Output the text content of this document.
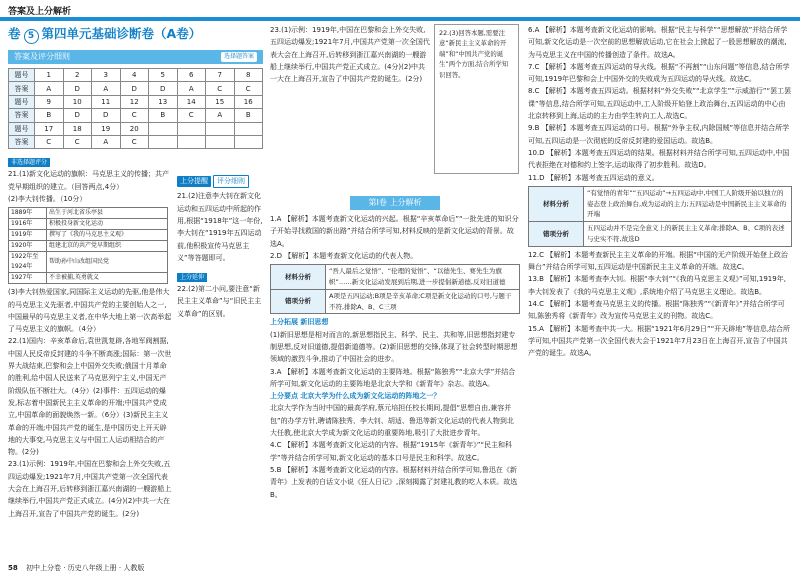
答案及上分解析
卷 5 第四单元基础诊断卷（A卷）
答案及评分细则	选择题答案
题号	1	2	3	4	5	6	7	8
答案	A	D	A	D	D	A	C	C
题号	9	10	11	12	13	14	15	16
答案	B	D	D	C	B	C	A	B
题号	17	18	19	20				
答案	C	C	A	C				
非选择题评分
21.(1)新文化运动的旗帜：马克思主义的传播；共产党早期组织的建立。（回答两点,4分）
(2)李大钊传播。（10分）
1889年	出生于河北省乐亭县
1916年	积极投身新文化运动
1919年	撰写了《我的马克思主义观》
1920年	组建北京的共产党早期组织
1922年至1924年	帮助孙中山改组国民党
1927年	不幸被捕,英勇就义
(3)李大钊热爱国家,同国际主义运动的先驱,他是伟大的马克思主义先驱者,中国共产党的主要创始人之一,中国最早的马克思主义者,在中华大地上第一次高举起了马克思主义的旗帜。（4分）
22.(1)国内：辛亥革命后,袁世凯复辟,各地军阀割据,中国人民反帝反封建的斗争不断高涨;国际：第一次世界大战结束,巴黎和会上中国外交失败;俄国十月革命的胜利,给中国人民送来了马克思列宁主义,中国无产阶级队伍不断壮大。（4分）(2)事件：五四运动的爆发,标志着中国新民主主义革命的开端;中国共产党成立,中国革命的面貌焕然一新。（6分）(3)新民主主义革命的开端;中国共产党的诞生,是中国历史上开天辟地的大事变,马克思主义与中国工人运动相结合的产物。(2分)
23.(1)示例：1919年,中国在巴黎和会上外交失败,五四运动爆发;1921年7月,中国共产党第一次全国代表大会在上海召开,后转移到浙江嘉兴南湖的一艘游船上继续举行,中国共产党正式成立。(4分)(2)中共一大在上海召开,宣告了中国共产党的诞生。(2分)
上分提醒 评分细则
21.(2)注意李大钊在新文化运动和五四运动中所起的作用,根据“1918年”这一年份,李大钊在“1919年五四运动前,他积极宣传马克思主义”等答题即可。
上分延伸
22.(2)第二小问,要注意“新民主主义革命”与“旧民主主义革命”的区别。
23.(1)示例：1919年,中国在巴黎和会上外交失败,五四运动爆发;1921年7月,中国共产党第一次全国代表大会在上海召开,后转移到浙江嘉兴南湖的一艘游船上继续举行,中国共产党正式成立。(4分)(2)中共一大在上海召开,宣告了中国共产党的诞生。(2分)
22.(3)回答本题,需要注意“新民主主义革命的开端”和“中国共产党的诞生”两个方面,结合所学知识回答。
第Ⅰ卷 上分解析
1.A 【解析】本题考查新文化运动的兴起。根据“辛亥革命后”“一批先进的知识分子开始寻找救国的新出路”并结合所学可知,材料反映的是新文化运动的背景。故选A。
2.D 【解析】本题考查新文化运动的代表人物。
材料分析	“吾人最后之觉悟”、“伦理的觉悟”、“以德先生、赛先生为旗帜”……新文化运动发展到后期,进一步提倡新道德,反对旧道德
错项分析	A项是五四运动;B项是辛亥革命;C项是新文化运动的口号,与题干不符,排除A、B、C三项
上分拓展 新旧思想
(1)新旧思想是相对而言的,新思想指民主、科学、民主、共和等,旧思想指封建专制思想,反对旧道德,提倡新道德等。(2)新旧思想的交锋,体现了社会转型时期思想领域的激烈斗争,推动了中国社会的进步。
3.A 【解析】本题考查新文化运动的主要阵地。根据“陈独秀”“北京大学”并结合所学可知,新文化运动的主要阵地是北京大学和《新青年》杂志。故选A。
上分要点 北京大学为什么成为新文化运动的阵地之一？
北京大学作为当时中国的最高学府,蔡元培担任校长期间,提倡“思想自由,兼容并包”的办学方针,聘请陈独秀、李大钊、胡适、鲁迅等新文化运动的代表人物到北大任教,使北京大学成为新文化运动的重要阵地,吸引了大批进步青年。
4.C 【解析】本题考查新文化运动的内容。根据“1915年《新青年》”“民主和科学”等并结合所学可知,新文化运动的基本口号是民主和科学。故选C。
5.B 【解析】本题考查新文化运动的内容。根据材料并结合所学可知,鲁迅在《新青年》上发表的白话文小说《狂人日记》,深刻揭露了封建礼教的吃人本质。故选B。
6.A 【解析】本题考查新文化运动的影响。根据“民主与科学”“思想解放”并结合所学可知,新文化运动是一次空前的思想解放运动,它在社会上掀起了一股思想解放的潮流,为马克思主义在中国的传播创造了条件。故选A。
7.C 【解析】本题考查五四运动的导火线。根据“不再割”“山东问题”等信息,结合所学可知,1919年巴黎和会上中国外交的失败成为五四运动的导火线。故选C。
8.C 【解析】本题考查五四运动。根据材料“外交失败”“北京学生”“示威游行”“罢工罢课”等信息,结合所学可知,五四运动中,工人阶级开始登上政治舞台,五四运动的中心由北京转移到上海,运动的主力由学生转向工人,故选C。
9.B 【解析】本题考查五四运动的口号。根据“外争主权,内除国贼”等信息并结合所学可知,五四运动是一次彻底的反帝反封建的爱国运动。故选B。
10.D 【解析】本题考查五四运动的结果。根据材料并结合所学可知,五四运动中,中国代表拒绝在对德和约上签字,运动取得了初步胜利。故选D。
11.D 【解析】本题考查五四运动的意义。
材料分析	“有觉悟的青年”“五四运动”→五四运动中,中国工人阶级开始以独立的姿态登上政治舞台,成为运动的主力;五四运动是中国新民主主义革命的开端
错项分析	五四运动并不是完全意义上的新民主主义革命;排除A、B、C项的表述与史实不符,故选D
12.C 【解析】本题考查新民主主义革命的开端。根据“中国的无产阶级开始登上政治舞台”并结合所学可知,五四运动是中国新民主主义革命的开端。故选C。
13.B 【解析】本题考查李大钊。根据“李大钊”“《我的马克思主义观》”可知,1919年,李大钊发表了《我的马克思主义观》,系统地介绍了马克思主义理论。故选B。
14.C 【解析】本题考查马克思主义的传播。根据“陈独秀”“《新青年》”并结合所学可知,陈独秀将《新青年》改为宣传马克思主义的刊物。故选C。
15.A 【解析】本题考查中共一大。根据“1921年6月29日”“开天辟地”等信息,结合所学可知,中国共产党第一次全国代表大会于1921年7月23日在上海召开,宣告了中国共产党的诞生。故选A。
58 初中上分卷 · 历史八年级上册 · 人教版
